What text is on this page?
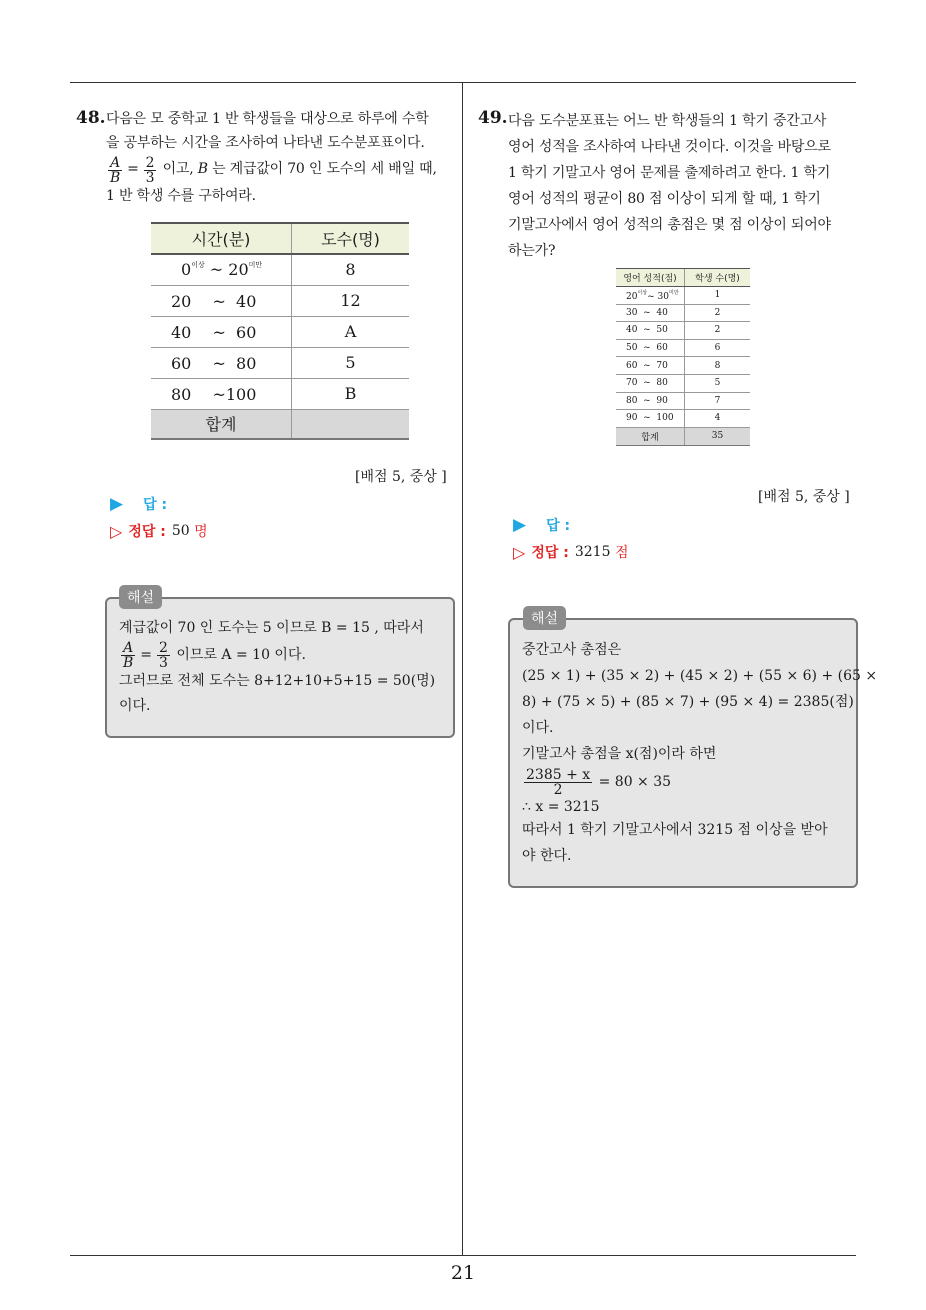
21
48. 다음은 모 중학교 1 반 학생들을 대상으로 하루에 수학
을 공부하는 시간을 조사하여 나타낸 도수분포표이다.
$\frac{A}{B} = \frac{2}{3}$ 이고, B 는 계급값이 70 인 도수의 세 배일 때,
1 반 학생 수를 구하여라.
시간(분)	도수(명)
$0^{이상}$ ~ $20^{미만}$	8
20　 ~  40	12
40　 ~  60	A
60　 ~  80	5
80　 ~100	B
합계	
[배점 5, 중상 ]
▶ 답 :
▷ 정답 : 50
명
해설
계급값이 70 인 도수는 5 이므로 B = 15 , 따라서
$\frac{A}{B} = \frac{2}{3}$ 이므로 A = 10 이다.
그러므로 전체 도수는 8+12+10+5+15 = 50(명)
이다.
49. 다음 도수분포표는 어느 반 학생들의 1 학기 중간고사
영어 성적을 조사하여 나타낸 것이다. 이것을 바탕으로
1 학기 기말고사 영어 문제를 출제하려고 한다. 1 학기
영어 성적의 평균이 80 점 이상이 되게 할 때, 1 학기
기말고사에서 영어 성적의 총점은 몇 점 이상이 되어야
하는가?
영어 성적(점)	학생 수(명)
$20^{이상}\sim$ $30^{미만}$	1
30  ~  40	2
40  ~  50	2
50  ~  60	6
60  ~  70	8
70  ~  80	5
80  ~  90	7
90  ~  100	4
합계	35
[배점 5, 중상 ]
▶ 답 :
▷ 정답 : 3215
점
해설
중간고사 총점은
(25 × 1) + (35 × 2) + (45 × 2) + (55 × 6) + (65 ×
8) + (75 × 5) + (85 × 7) + (95 × 4) = 2385(점)
이다.
기말고사 총점을 x(점)이라 하면
$\frac{2385 + x}{2} = 80 \times 35$
∴ x = 3215
따라서 1 학기 기말고사에서 3215 점 이상을 받아
야 한다.
